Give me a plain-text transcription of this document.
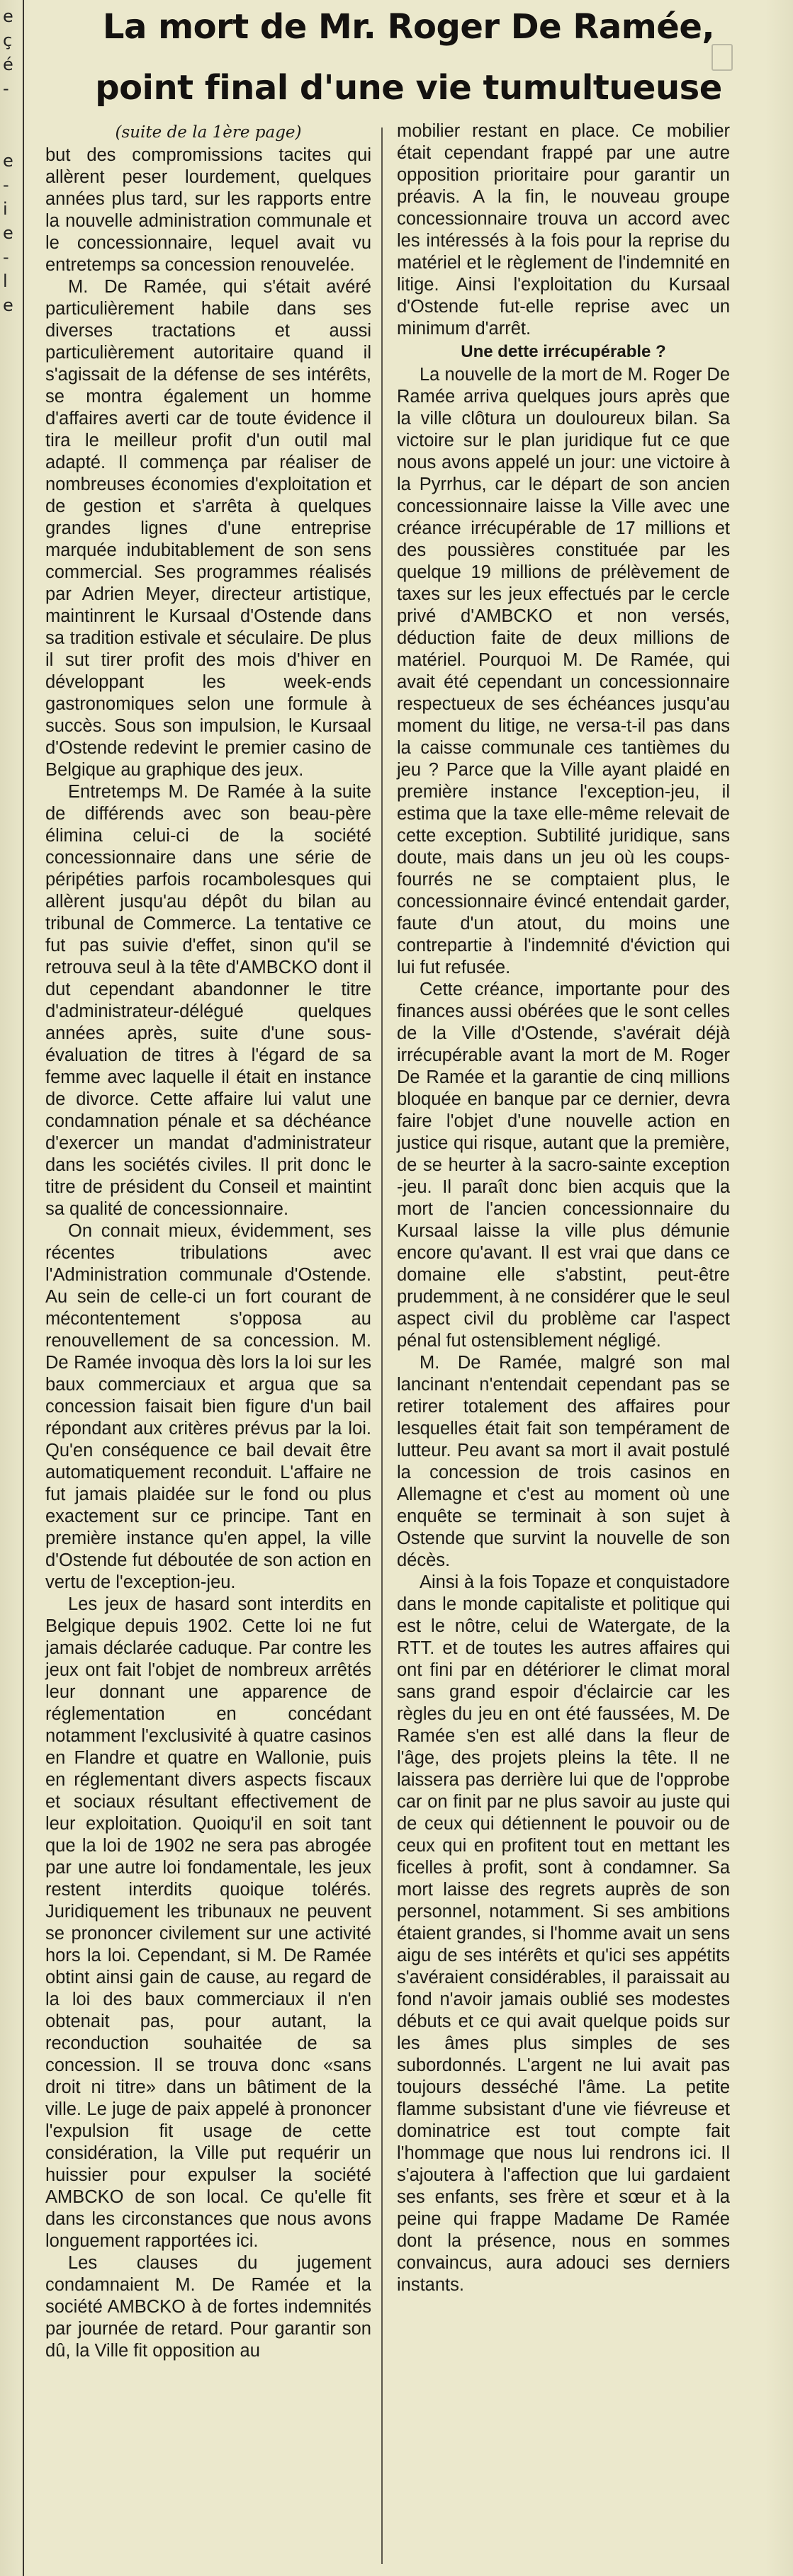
e
ç
é
-

e
-
i
e
-
l
e
La mort de Mr. Roger De Ramée,
point final d'une vie tumultueuse

(suite de la 1ère page)

but des compromissions tacites qui allèrent peser lourdement, quelques années plus tard, sur les rapports entre la nouvelle administration communale et le concessionnaire, lequel avait vu entretemps sa concession renouvelée.

M. De Ramée, qui s'était avéré particulièrement habile dans ses diverses tractations et aussi particulièrement autoritaire quand il s'agissait de la défense de ses intérêts, se montra également un homme d'affaires averti car de toute évidence il tira le meilleur profit d'un outil mal adapté. Il commença par réaliser de nombreuses économies d'exploitation et de gestion et s'arrêta à quelques grandes lignes d'une entreprise marquée indubitablement de son sens commercial. Ses programmes réalisés par Adrien Meyer, directeur artistique, maintinrent le Kursaal d'Ostende dans sa tradition estivale et séculaire. De plus il sut tirer profit des mois d'hiver en développant les week-ends gastronomiques selon une formule à succès. Sous son impulsion, le Kursaal d'Ostende redevint le premier casino de Belgique au graphique des jeux.

Entretemps M. De Ramée à la suite de différends avec son beau-père élimina celui-ci de la société concessionnaire dans une série de péripéties parfois rocambolesques qui allèrent jusqu'au dépôt du bilan au tribunal de Commerce. La tentative ce fut pas suivie d'effet, sinon qu'il se retrouva seul à la tête d'AMBCKO dont il dut cependant abandonner le titre d'administrateur-délégué quelques années après, suite d'une sous-évaluation de titres à l'égard de sa femme avec laquelle il était en instance de divorce. Cette affaire lui valut une condamnation pénale et sa déchéance d'exercer un mandat d'administrateur dans les sociétés civiles. Il prit donc le titre de président du Conseil et maintint sa qualité de concessionnaire.

On connait mieux, évidemment, ses récentes tribulations avec l'Administration communale d'Ostende. Au sein de celle-ci un fort courant de mécontentement s'opposa au renouvellement de sa concession. M. De Ramée invoqua dès lors la loi sur les baux commerciaux et argua que sa concession faisait bien figure d'un bail répondant aux critères prévus par la loi. Qu'en conséquence ce bail devait être automatiquement reconduit. L'affaire ne fut jamais plaidée sur le fond ou plus exactement sur ce principe. Tant en première instance qu'en appel, la ville d'Ostende fut déboutée de son action en vertu de l'exception-jeu.

Les jeux de hasard sont interdits en Belgique depuis 1902. Cette loi ne fut jamais déclarée caduque. Par contre les jeux ont fait l'objet de nombreux arrêtés leur donnant une apparence de réglementation en concédant notamment l'exclusivité à quatre casinos en Flandre et quatre en Wallonie, puis en réglementant divers aspects fiscaux et sociaux résultant effectivement de leur exploitation. Quoiqu'il en soit tant que la loi de 1902 ne sera pas abrogée par une autre loi fondamentale, les jeux restent interdits quoique tolérés. Juridiquement les tribunaux ne peuvent se prononcer civilement sur une activité hors la loi. Cependant, si M. De Ramée obtint ainsi gain de cause, au regard de la loi des baux commerciaux il n'en obtenait pas, pour autant, la reconduction souhaitée de sa concession. Il se trouva donc «sans droit ni titre» dans un bâtiment de la ville. Le juge de paix appelé à prononcer l'expulsion fit usage de cette considération, la Ville put requérir un huissier pour expulser la société AMBCKO de son local. Ce qu'elle fit dans les circonstances que nous avons longuement rapportées ici.

Les clauses du jugement condamnaient M. De Ramée et la société AMBCKO à de fortes indemnités par journée de retard. Pour garantir son dû, la Ville fit opposition au

mobilier restant en place. Ce mobilier était cependant frappé par une autre opposition prioritaire pour garantir un préavis. A la fin, le nouveau groupe concessionnaire trouva un accord avec les intéressés à la fois pour la reprise du matériel et le règlement de l'indemnité en litige. Ainsi l'exploitation du Kursaal d'Ostende fut-elle reprise avec un minimum d'arrêt.

Une dette irrécupérable ?

La nouvelle de la mort de M. Roger De Ramée arriva quelques jours après que la ville clôtura un douloureux bilan. Sa victoire sur le plan juridique fut ce que nous avons appelé un jour: une victoire à la Pyrrhus, car le départ de son ancien concessionnaire laisse la Ville avec une créance irrécupérable de 17 millions et des poussières constituée par les quelque 19 millions de prélèvement de taxes sur les jeux effectués par le cercle privé d'AMBCKO et non versés, déduction faite de deux millions de matériel. Pourquoi M. De Ramée, qui avait été cependant un concessionnaire respectueux de ses échéances jusqu'au moment du litige, ne versa-t-il pas dans la caisse communale ces tantièmes du jeu ? Parce que la Ville ayant plaidé en première instance l'exception-jeu, il estima que la taxe elle-même relevait de cette exception. Subtilité juridique, sans doute, mais dans un jeu où les coups-fourrés ne se comptaient plus, le concessionnaire évincé entendait garder, faute d'un atout, du moins une contrepartie à l'indemnité d'éviction qui lui fut refusée.

Cette créance, importante pour des finances aussi obérées que le sont celles de la Ville d'Ostende, s'avérait déjà irrécupérable avant la mort de M. Roger De Ramée et la garantie de cinq millions bloquée en banque par ce dernier, devra faire l'objet d'une nouvelle action en justice qui risque, autant que la première, de se heurter à la sacro-sainte exception -jeu. Il paraît donc bien acquis que la mort de l'ancien concessionnaire du Kursaal laisse la ville plus démunie encore qu'avant. Il est vrai que dans ce domaine elle s'abstint, peut-être prudemment, à ne considérer que le seul aspect civil du problème car l'aspect pénal fut ostensiblement négligé.

M. De Ramée, malgré son mal lancinant n'entendait cependant pas se retirer totalement des affaires pour lesquelles était fait son tempérament de lutteur. Peu avant sa mort il avait postulé la concession de trois casinos en Allemagne et c'est au moment où une enquête se terminait à son sujet à Ostende que survint la nouvelle de son décès.

Ainsi à la fois Topaze et conquistadore dans le monde capitaliste et politique qui est le nôtre, celui de Watergate, de la RTT. et de toutes les autres affaires qui ont fini par en détériorer le climat moral sans grand espoir d'éclaircie car les règles du jeu en ont été faussées, M. De Ramée s'en est allé dans la fleur de l'âge, des projets pleins la tête. Il ne laissera pas derrière lui que de l'opprobe car on finit par ne plus savoir au juste qui de ceux qui détiennent le pouvoir ou de ceux qui en profitent tout en mettant les ficelles à profit, sont à condamner. Sa mort laisse des regrets auprès de son personnel, notamment. Si ses ambitions étaient grandes, si l'homme avait un sens aigu de ses intérêts et qu'ici ses appétits s'avéraient considérables, il paraissait au fond n'avoir jamais oublié ses modestes débuts et ce qui avait quelque poids sur les âmes plus simples de ses subordonnés. L'argent ne lui avait pas toujours desséché l'âme. La petite flamme subsistant d'une vie fiévreuse et dominatrice est tout compte fait l'hommage que nous lui rendrons ici. Il s'ajoutera à l'affection que lui gardaient ses enfants, ses frère et sœur et à la peine qui frappe Madame De Ramée dont la présence, nous en sommes convaincus, aura adouci ses derniers instants.
